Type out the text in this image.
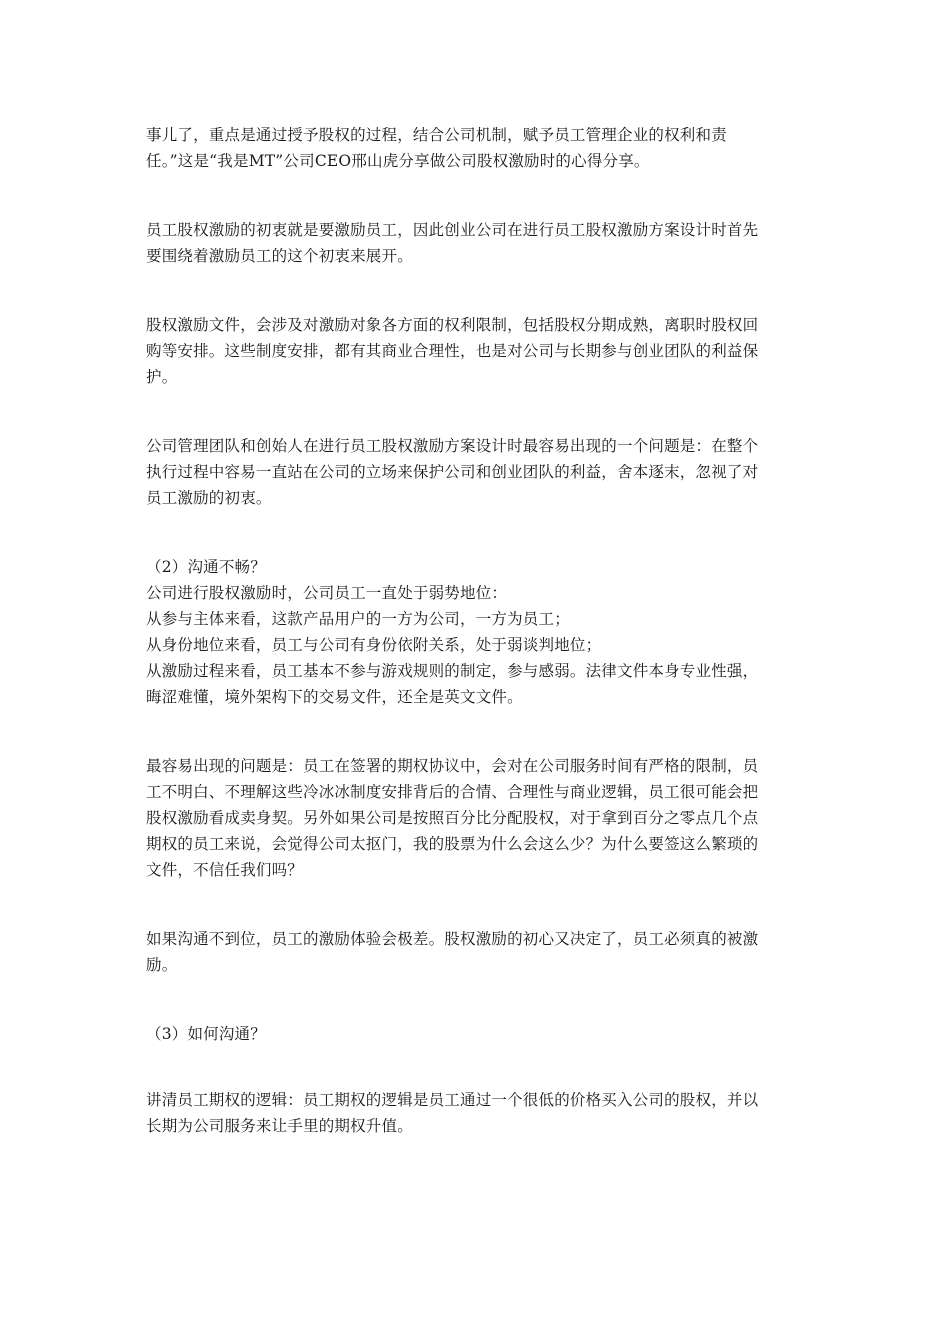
事儿了，重点是通过授予股权的过程，结合公司机制，赋予员工管理企业的权利和责
任。”这是“我是MT”公司CEO邢山虎分享做公司股权激励时的心得分享。

员工股权激励的初衷就是要激励员工，因此创业公司在进行员工股权激励方案设计时首先
要围绕着激励员工的这个初衷来展开。

股权激励文件，会涉及对激励对象各方面的权利限制，包括股权分期成熟，离职时股权回
购等安排。这些制度安排，都有其商业合理性，也是对公司与长期参与创业团队的利益保
护。

公司管理团队和创始人在进行员工股权激励方案设计时最容易出现的一个问题是：在整个
执行过程中容易一直站在公司的立场来保护公司和创业团队的利益，舍本逐末，忽视了对
员工激励的初衷。

（2）沟通不畅？
公司进行股权激励时，公司员工一直处于弱势地位：
从参与主体来看，这款产品用户的一方为公司，一方为员工；
从身份地位来看，员工与公司有身份依附关系，处于弱谈判地位；
从激励过程来看，员工基本不参与游戏规则的制定，参与感弱。法律文件本身专业性强，
晦涩难懂，境外架构下的交易文件，还全是英文文件。

最容易出现的问题是：员工在签署的期权协议中，会对在公司服务时间有严格的限制，员
工不明白、不理解这些冷冰冰制度安排背后的合情、合理性与商业逻辑，员工很可能会把
股权激励看成卖身契。另外如果公司是按照百分比分配股权，对于拿到百分之零点几个点
期权的员工来说，会觉得公司太抠门，我的股票为什么会这么少？为什么要签这么繁琐的
文件，不信任我们吗？

如果沟通不到位，员工的激励体验会极差。股权激励的初心又决定了，员工必须真的被激
励。

（3）如何沟通？

讲清员工期权的逻辑：员工期权的逻辑是员工通过一个很低的价格买入公司的股权，并以
长期为公司服务来让手里的期权升值。
